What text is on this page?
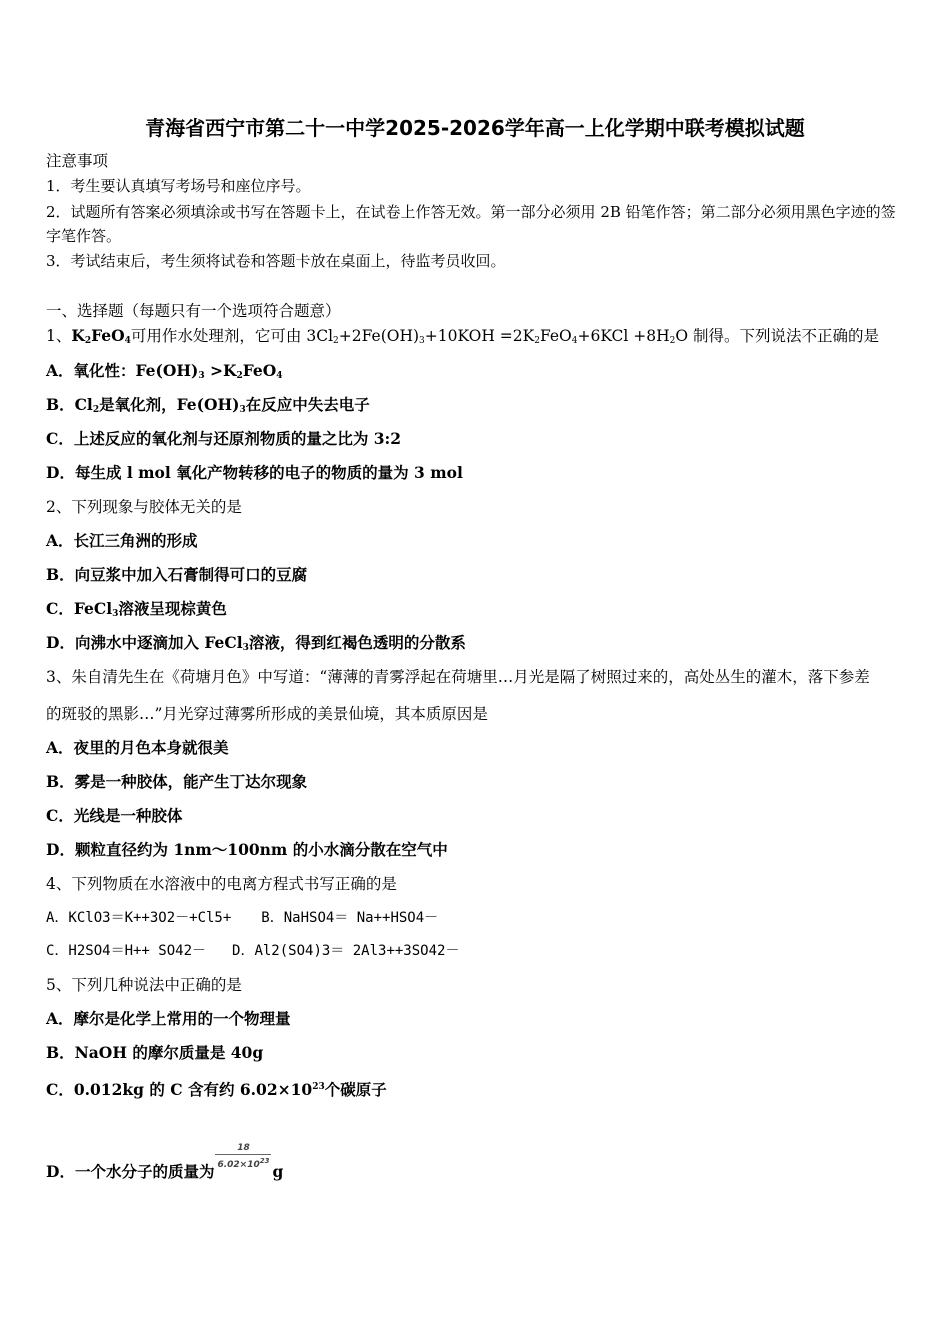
青海省西宁市第二十一中学2025-2026学年高一上化学期中联考模拟试题
注意事项
1．考生要认真填写考场号和座位序号。
2．试题所有答案必须填涂或书写在答题卡上，在试卷上作答无效。第一部分必须用 2B 铅笔作答；第二部分必须用黑色字迹的签字笔作答。
3．考试结束后，考生须将试卷和答题卡放在桌面上，待监考员收回。
一、选择题（每题只有一个选项符合题意）
1、$K_2FeO_4$可用作水处理剂，它可由 $3Cl_2+2Fe(OH)_3+10KOH =2K_2FeO_4+6KCl +8H_2O$ 制得。下列说法不正确的是
A．氧化性：$Fe(OH)_3 >K_2FeO_4$
B．$Cl_2$是氧化剂，$Fe(OH)_3$在反应中失去电子
C．上述反应的氧化剂与还原剂物质的量之比为 3:2
D．每生成 l mol 氧化产物转移的电子的物质的量为 3 mol
2、下列现象与胶体无关的是
A．长江三角洲的形成
B．向豆浆中加入石膏制得可口的豆腐
C．FeCl$_3$溶液呈现棕黄色
D．向沸水中逐滴加入 FeCl$_3$溶液，得到红褐色透明的分散系
3、朱自清先生在《荷塘月色》中写道：“薄薄的青雾浮起在荷塘里…月光是隔了树照过来的，高处丛生的灌木，落下参差
的斑驳的黑影…”月光穿过薄雾所形成的美景仙境，其本质原因是
A．夜里的月色本身就很美
B．雾是一种胶体，能产生丁达尔现象
C．光线是一种胶体
D．颗粒直径约为 1nm～100nm 的小水滴分散在空气中
4、下列物质在水溶液中的电离方程式书写正确的是
A．KClO3＝K++3O2－+Cl5+ B．NaHSO4＝ Na++HSO4－
C．H2SO4＝H++ SO42－ D．Al2(SO4)3＝ 2Al3++3SO42－
5、下列几种说法中正确的是
A．摩尔是化学上常用的一个物理量
B．NaOH 的摩尔质量是 40g
C．0.012kg 的 C 含有约 $6.02\times 10^{23}$个碳原子
D．一个水分子的质量为
$\frac{18}{6.02\times 10^{23}}$
g
